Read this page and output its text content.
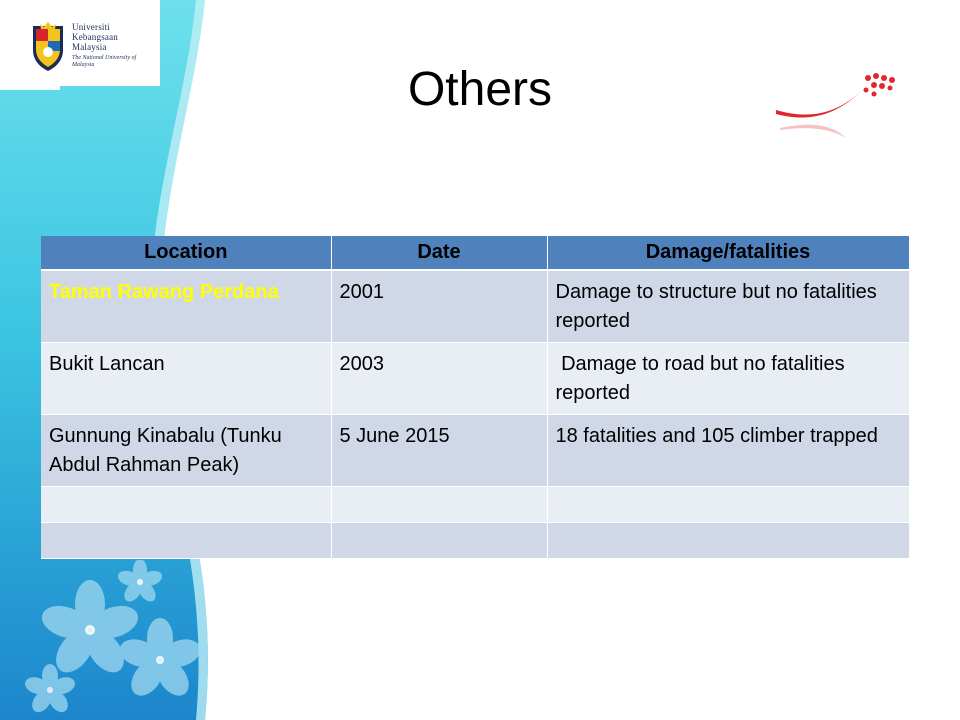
Universiti
Kebangsaan
Malaysia
The National University of Malaysia	Others
Location	Date	Damage/fatalities
Taman Rawang Perdana	2001	Damage to structure but no fatalities reported
Bukit Lancan	2003	Damage to road but no fatalities reported
Gunnung Kinabalu (Tunku Abdul Rahman Peak)	5 June 2015	18 fatalities and 105 climber trapped
